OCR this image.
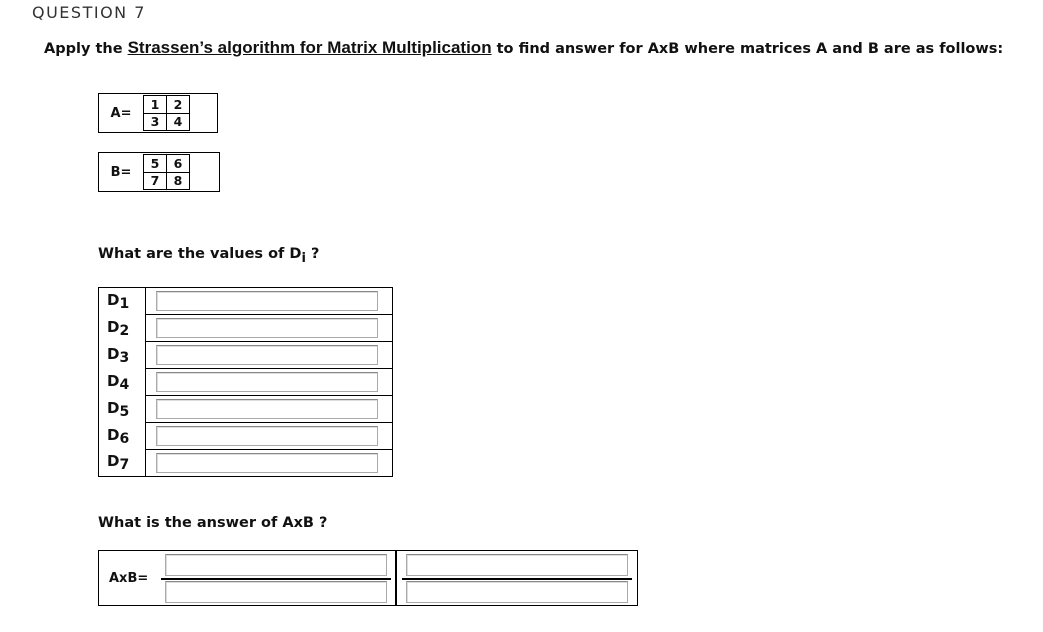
QUESTION 7
Apply the Strassen’s algorithm for Matrix Multiplication to find answer for AxB where matrices A and B are as follows:
A=
1	2
3	4
B=
5	6
7	8
What are the values of $D_i$ ?
$D_1$	
$D_2$	
$D_3$	
$D_4$	
$D_5$	
$D_6$	
$D_7$	
What is the answer of AxB ?
AxB=
